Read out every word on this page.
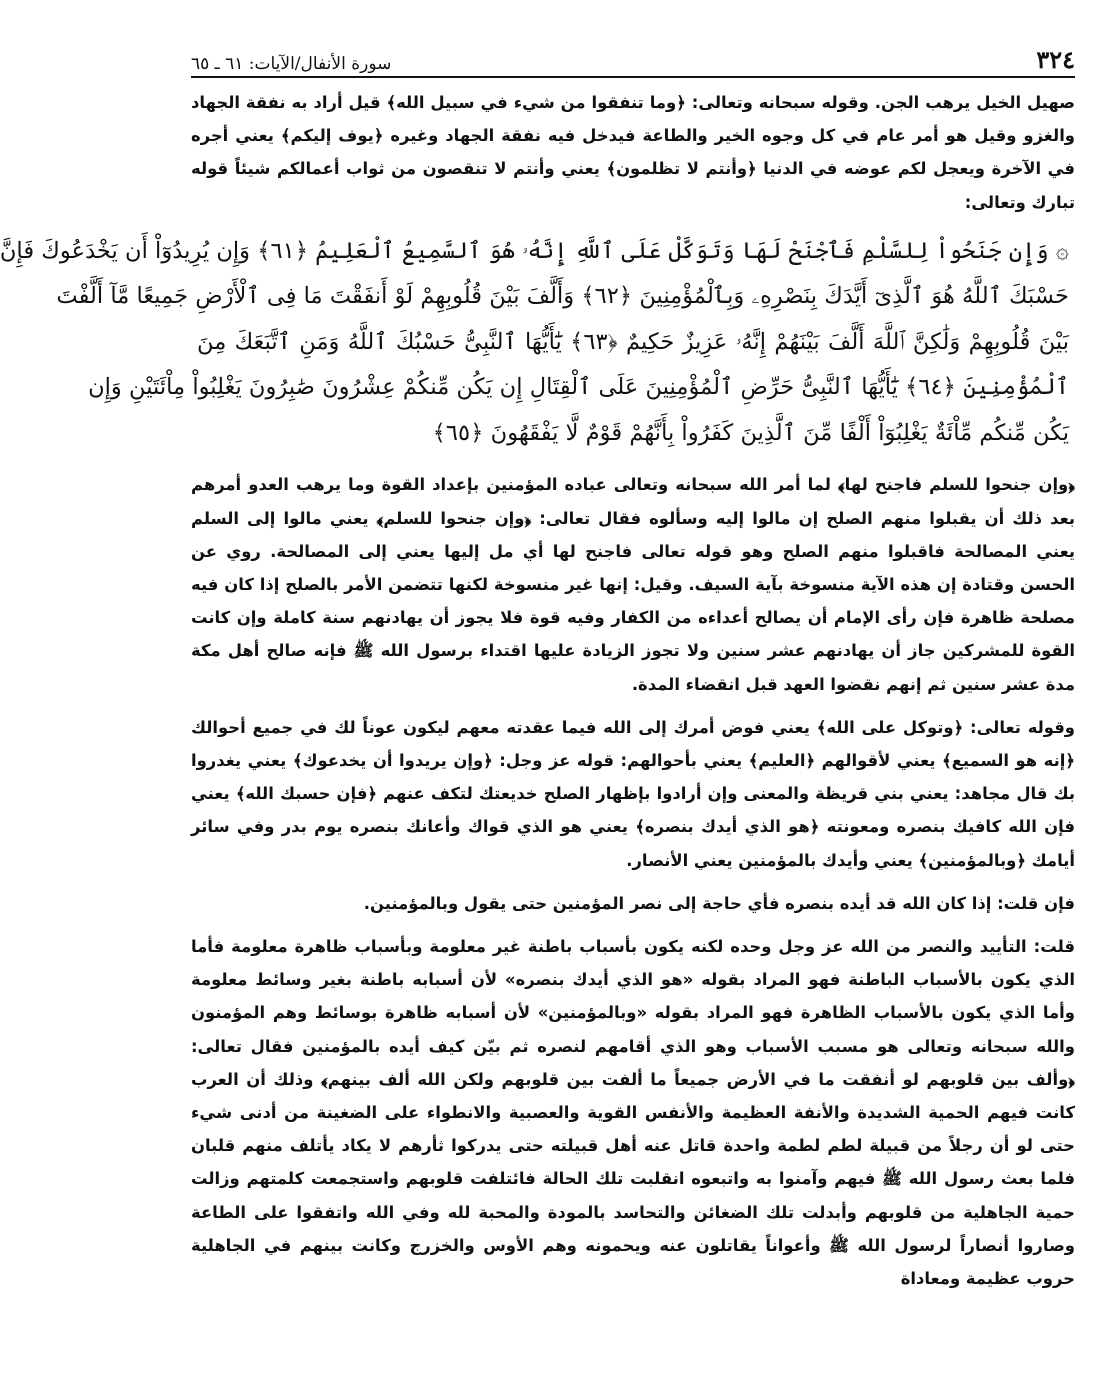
٣٢٤
سورة الأنفال/الآيات: ٦١ ـ ٦٥

صهيل الخيل يرهب الجن. وقوله سبحانه وتعالى: ﴿وما تنفقوا من شيء في سبيل الله﴾ قيل أراد به نفقة الجهاد والغزو وقيل هو أمر عام في كل وجوه الخير والطاعة فيدخل فيه نفقة الجهاد وغيره ﴿يوف إليكم﴾ يعني أجره في الآخرة ويعجل لكم عوضه في الدنيا ﴿وأنتم لا تظلمون﴾ يعني وأنتم لا تنقصون من ثواب أعمالكم شيئاً قوله تبارك وتعالى:

۞ وَإِن جَنَحُواْ لِلسَّلْمِ فَٱجْنَحْ لَهَا وَتَوَكَّلْ عَلَى ٱللَّهِ إِنَّهُۥ هُوَ ٱلسَّمِيعُ ٱلْعَلِيمُ ﴿٦١﴾ وَإِن يُرِيدُوٓاْ أَن يَخْدَعُوكَ فَإِنَّ
حَسْبَكَ ٱللَّهُ هُوَ ٱلَّذِىٓ أَيَّدَكَ بِنَصْرِهِۦ وَبِٱلْمُؤْمِنِينَ ﴿٦٢﴾ وَأَلَّفَ بَيْنَ قُلُوبِهِمْ لَوْ أَنفَقْتَ مَا فِى ٱلْأَرْضِ جَمِيعًا مَّآ أَلَّفْتَ
بَيْنَ قُلُوبِهِمْ وَلَٰكِنَّ ٱللَّهَ أَلَّفَ بَيْنَهُمْ إِنَّهُۥ عَزِيزٌ حَكِيمٌ ﴿٦٣﴾ يَٰٓأَيُّهَا ٱلنَّبِىُّ حَسْبُكَ ٱللَّهُ وَمَنِ ٱتَّبَعَكَ مِنَ
ٱلْمُؤْمِنِينَ ﴿٦٤﴾ يَٰٓأَيُّهَا ٱلنَّبِىُّ حَرِّضِ ٱلْمُؤْمِنِينَ عَلَى ٱلْقِتَالِ إِن يَكُن مِّنكُمْ عِشْرُونَ صَٰبِرُونَ يَغْلِبُواْ مِاْئَتَيْنِ وَإِن
يَكُن مِّنكُم مِّاْئَةٌ يَغْلِبُوٓاْ أَلْفًا مِّنَ ٱلَّذِينَ كَفَرُواْ بِأَنَّهُمْ قَوْمٌ لَّا يَفْقَهُونَ ﴿٦٥﴾

﴿وإن جنحوا للسلم فاجنح لها﴾ لما أمر الله سبحانه وتعالى عباده المؤمنين بإعداد القوة وما يرهب العدو أمرهم بعد ذلك أن يقبلوا منهم الصلح إن مالوا إليه وسألوه فقال تعالى: ﴿وإن جنحوا للسلم﴾ يعني مالوا إلى السلم يعني المصالحة فاقبلوا منهم الصلح وهو قوله تعالى فاجنح لها أي مل إليها يعني إلى المصالحة. روي عن الحسن وقتادة إن هذه الآية منسوخة بآية السيف. وقيل: إنها غير منسوخة لكنها تتضمن الأمر بالصلح إذا كان فيه مصلحة ظاهرة فإن رأى الإمام أن يصالح أعداءه من الكفار وفيه قوة فلا يجوز أن يهادنهم سنة كاملة وإن كانت القوة للمشركين جاز أن يهادنهم عشر سنين ولا تجوز الزيادة عليها اقتداء برسول الله ﷺ فإنه صالح أهل مكة مدة عشر سنين ثم إنهم نقضوا العهد قبل انقضاء المدة.

وقوله تعالى: ﴿وتوكل على الله﴾ يعني فوض أمرك إلى الله فيما عقدته معهم ليكون عوناً لك في جميع أحوالك ﴿إنه هو السميع﴾ يعني لأقوالهم ﴿العليم﴾ يعني بأحوالهم: قوله عز وجل: ﴿وإن يريدوا أن يخدعوك﴾ يعني يغدروا بك قال مجاهد: يعني بني قريظة والمعنى وإن أرادوا بإظهار الصلح خديعتك لتكف عنهم ﴿فإن حسبك الله﴾ يعني فإن الله كافيك بنصره ومعونته ﴿هو الذي أيدك بنصره﴾ يعني هو الذي قواك وأعانك بنصره يوم بدر وفي سائر أيامك ﴿وبالمؤمنين﴾ يعني وأيدك بالمؤمنين يعني الأنصار.

فإن قلت: إذا كان الله قد أيده بنصره فأي حاجة إلى نصر المؤمنين حتى يقول وبالمؤمنين.

قلت: التأييد والنصر من الله عز وجل وحده لكنه يكون بأسباب باطنة غير معلومة وبأسباب ظاهرة معلومة فأما الذي يكون بالأسباب الباطنة فهو المراد بقوله «هو الذي أيدك بنصره» لأن أسبابه باطنة بغير وسائط معلومة وأما الذي يكون بالأسباب الظاهرة فهو المراد بقوله «وبالمؤمنين» لأن أسبابه ظاهرة بوسائط وهم المؤمنون والله سبحانه وتعالى هو مسبب الأسباب وهو الذي أقامهم لنصره ثم بيّن كيف أيده بالمؤمنين فقال تعالى: ﴿وألف بين قلوبهم لو أنفقت ما في الأرض جميعاً ما ألفت بين قلوبهم ولكن الله ألف بينهم﴾ وذلك أن العرب كانت فيهم الحمية الشديدة والأنفة العظيمة والأنفس القوية والعصبية والانطواء على الضغينة من أدنى شيء حتى لو أن رجلاً من قبيلة لطم لطمة واحدة قاتل عنه أهل قبيلته حتى يدركوا ثأرهم لا يكاد يأتلف منهم قلبان فلما بعث رسول الله ﷺ فيهم وآمنوا به واتبعوه انقلبت تلك الحالة فائتلفت قلوبهم واستجمعت كلمتهم وزالت حمية الجاهلية من قلوبهم وأبدلت تلك الضغائن والتحاسد بالمودة والمحبة لله وفي الله واتفقوا على الطاعة وصاروا أنصاراً لرسول الله ﷺ وأعواناً يقاتلون عنه ويحمونه وهم الأوس والخزرج وكانت بينهم في الجاهلية حروب عظيمة ومعاداة
